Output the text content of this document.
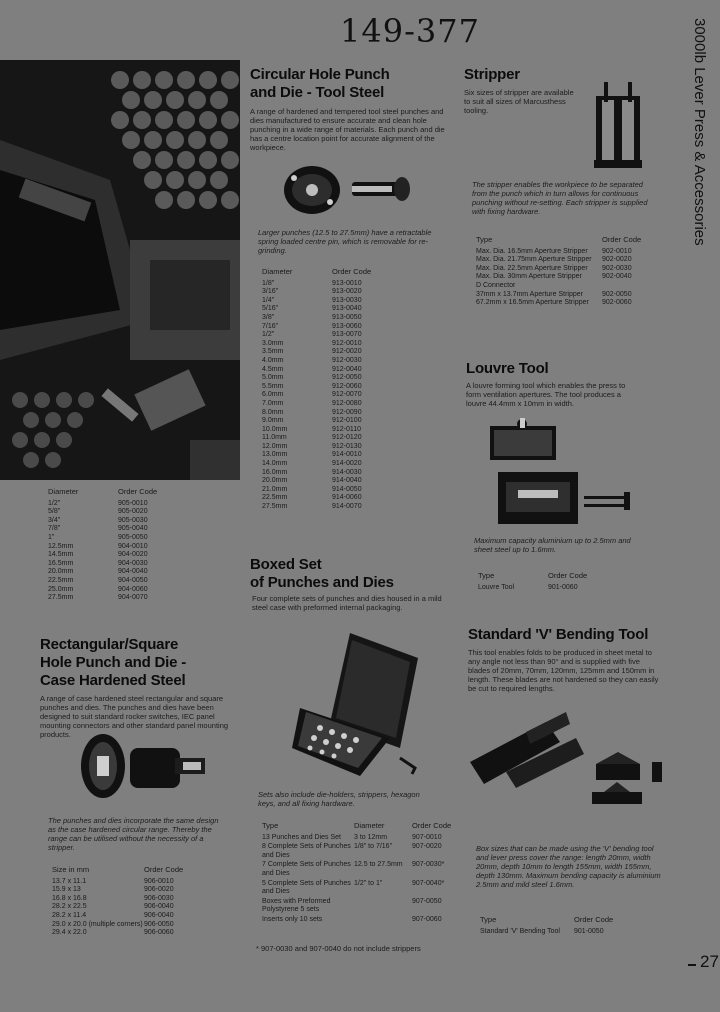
149-377	3000lb Lever Press & Accessories
Diameter	Order Code
1/2"	905-0010
5/8"	905-0020
3/4"	905-0030
7/8"	905-0040
1"	905-0050
12.5mm	904-0010
14.5mm	904-0020
16.5mm	904-0030
20.0mm	904-0040
22.5mm	904-0050
25.0mm	904-0060
27.5mm	904-0070
Circular Hole Punch
and Die - Tool Steel
A range of hardened and tempered tool steel punches and dies manufactured to ensure accurate and clean hole punching in a wide range of materials. Each punch and die has a centre location point for accurate alignment of the workpiece.
Larger punches (12.5 to 27.5mm) have a retractable spring loaded centre pin, which is removable for re-grinding.
Diameter	Order Code
1/8"	913-0010
3/16"	913-0020
1/4"	913-0030
5/16"	913-0040
3/8"	913-0050
7/16"	913-0060
1/2"	913-0070
3.0mm	912-0010
3.5mm	912-0020
4.0mm	912-0030
4.5mm	912-0040
5.0mm	912-0050
5.5mm	912-0060
6.0mm	912-0070
7.0mm	912-0080
8.0mm	912-0090
9.0mm	912-0100
10.0mm	912-0110
11.0mm	912-0120
12.0mm	912-0130
13.0mm	914-0010
14.0mm	914-0020
16.0mm	914-0030
20.0mm	914-0040
21.0mm	914-0050
22.5mm	914-0060
27.5mm	914-0070
Boxed Set
of Punches and Dies
Four complete sets of punches and dies housed in a mild steel case with preformed internal packaging.
Sets also include die-holders, strippers, hexagon keys, and all fixing hardware.
Type	Diameter	Order Code
13 Punches and Dies Set	3 to 12mm	907-0010
8 Complete Sets of Punches and Dies	1/8" to 7/16"	907-0020
7 Complete Sets of Punches and Dies	12.5 to 27.5mm	907-0030*
5 Complete Sets of Punches and Dies	1/2" to 1"	907-0040*
Boxes with Preformed Polystyrene 5 sets		907-0050
Inserts only 10 sets		907-0060
* 907-0030 and 907-0040 do not include strippers
Rectangular/Square
Hole Punch and Die -
Case Hardened Steel
A range of case hardened steel rectangular and square punches and dies. The punches and dies have been designed to suit standard rocker switches, IEC panel mounting connectors and other standard panel mounting products.
The punches and dies incorporate the same design as the case hardened circular range. Thereby the range can be utilised without the necessity of a stripper.
Size in mm	Order Code
13.7 x 11.1	906-0010
15.9 x 13	906-0020
16.8 x 16.8	906-0030
28.2 x 22.5	906-0040
28.2 x 11.4	906-0040
29.0 x 20.0 (multiple corners)	906-0050
29.4 x 22.0	906-0060
Stripper
Six sizes of stripper are available to suit all sizes of Marcusthess tooling.
The stripper enables the workpiece to be separated from the punch which in turn allows for continuous punching without re-setting. Each stripper is supplied with fixing hardware.
Type	Order Code	
Max. Dia. 16.5mm Aperture Stripper	902-0010	
Max. Dia. 21.75mm Aperture Stripper	902-0020	
Max. Dia. 22.5mm Aperture Stripper	902-0030	
Max. Dia. 30mm Aperture Stripper	902-0040	
D Connector		
37mm x 13.7mm Aperture Stripper	902-0050	
67.2mm x 16.5mm Aperture Stripper	902-0060	
Louvre Tool
A louvre forming tool which enables the press to form ventilation apertures. The tool produces a louvre 44.4mm x 10mm in width.
Maximum capacity aluminium up to 2.5mm and sheet steel up to 1.6mm.
Type	Order Code
Louvre Tool	901-0060
Standard 'V' Bending Tool
This tool enables folds to be produced in sheet metal to any angle not less than 90° and is supplied with five blades of 20mm, 70mm, 120mm, 125mm and 150mm in length. These blades are not hardened so they can easily be cut to required lengths.
Box sizes that can be made using the 'V' bending tool and lever press cover the range: length 20mm, width 20mm, depth 10mm to length 155mm, width 155mm, depth 130mm. Maximum bending capacity is aluminium 2.5mm and mild steel 1.6mm.
Type	Order Code
Standard 'V' Bending Tool	901-0050
27
